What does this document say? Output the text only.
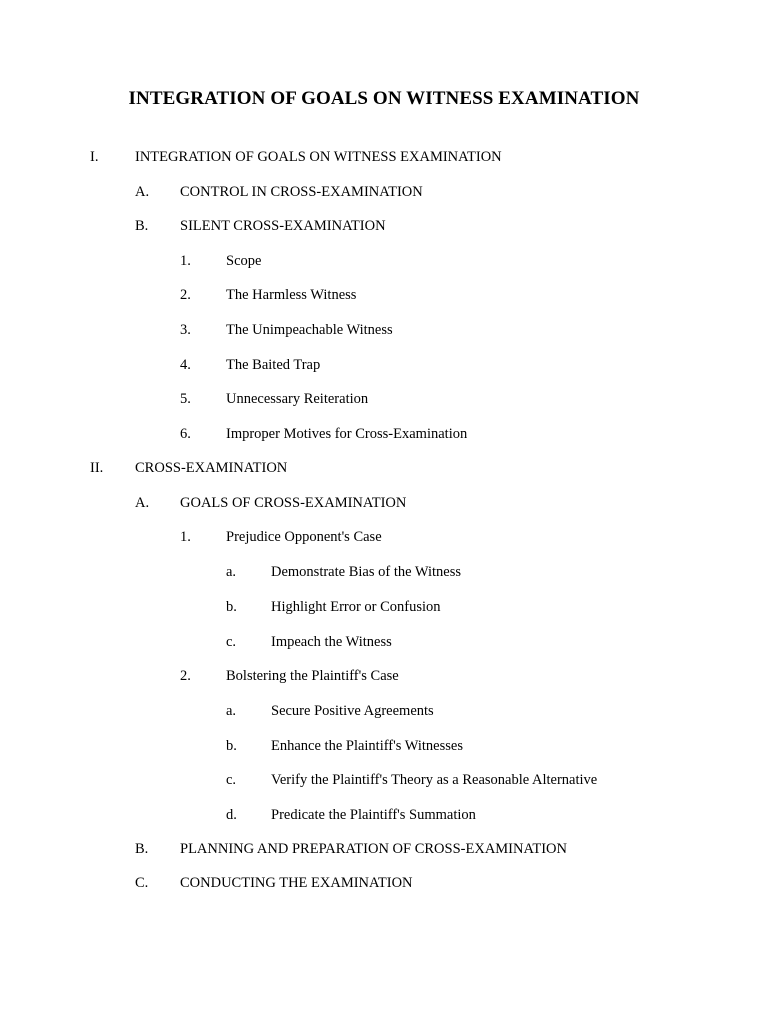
INTEGRATION OF GOALS ON WITNESS EXAMINATION
I.	INTEGRATION OF GOALS ON WITNESS EXAMINATION
A. CONTROL IN CROSS-EXAMINATION
B. SILENT CROSS-EXAMINATION
1. Scope
2. The Harmless Witness
3. The Unimpeachable Witness
4. The Baited Trap
5. Unnecessary Reiteration
6. Improper Motives for Cross-Examination
II. CROSS-EXAMINATION
A. GOALS OF CROSS-EXAMINATION
1. Prejudice Opponent's Case
a. Demonstrate Bias of the Witness
b. Highlight Error or Confusion
c. Impeach the Witness
2. Bolstering the Plaintiff's Case
a. Secure Positive Agreements
b. Enhance the Plaintiff's Witnesses
c. Verify the Plaintiff's Theory as a Reasonable Alternative
d. Predicate the Plaintiff's Summation
B. PLANNING AND PREPARATION OF CROSS-EXAMINATION
C. CONDUCTING THE EXAMINATION
